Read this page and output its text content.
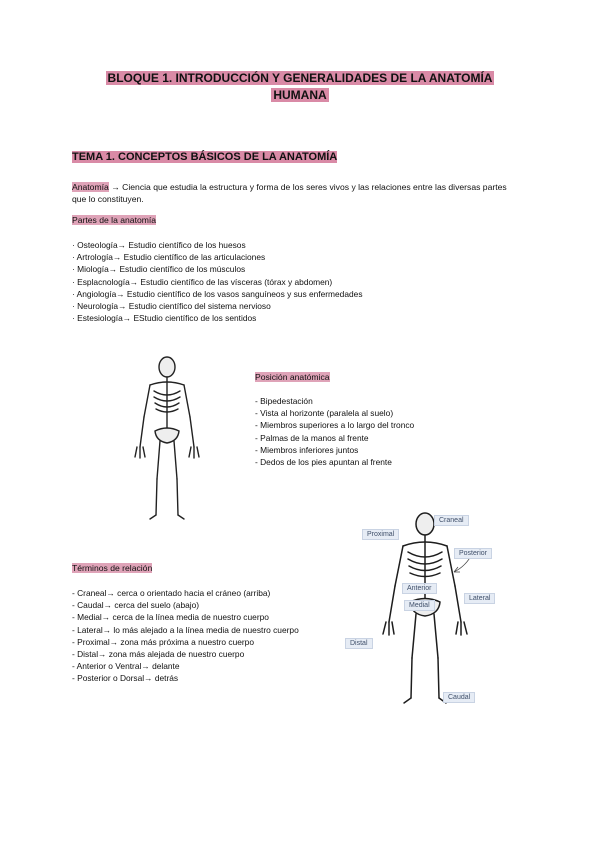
BLOQUE 1. INTRODUCCIÓN Y GENERALIDADES DE LA ANATOMÍA
HUMANA
TEMA 1. CONCEPTOS BÁSICOS DE LA ANATOMÍA
Anatomía → Ciencia que estudia la estructura y forma de los seres vivos y las relaciones entre las diversas partes que lo constituyen.
Partes de la anatomía
· Osteología→ Estudio científico de los huesos
· Artrología→ Estudio científico de las articulaciones
· Miología→ Estudio científico de los músculos
· Esplacnología→ Estudio científico de las vísceras (tórax y abdomen)
· Angiología→ Estudio científico de los vasos sanguíneos y sus enfermedades
· Neurología→ Estudio científico del sistema nervioso
· Estesiología→ EStudio científico de los sentidos
Posición anatómica
- Bipedestación
- Vista al horizonte (paralela al suelo)
- Miembros superiores a lo largo del tronco
- Palmas de la manos al frente
- Miembros inferiores juntos
- Dedos de los pies apuntan al frente
Términos de relación
- Craneal→ cerca o orientado hacia el cráneo (arriba)
- Caudal→ cerca del suelo (abajo)
- Medial→ cerca de la línea media de nuestro cuerpo
- Lateral→ lo más alejado a la línea media de nuestro cuerpo
- Proximal→ zona más próxima a nuestro cuerpo
- Distal→ zona más alejada de nuestro cuerpo
- Anterior o Ventral→ delante
- Posterior o Dorsal→ detrás
Craneal
Proximal
Posterior
Anterior
Lateral
Medial
Distal
Caudal
